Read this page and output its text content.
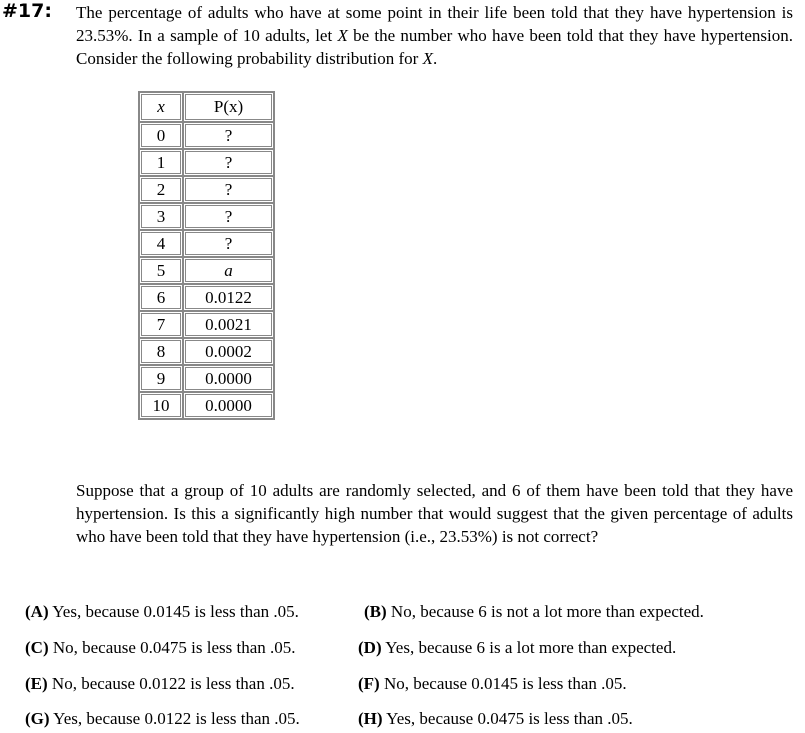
#17: The percentage of adults who have at some point in their life been told that they have hypertension is 23.53%. In a sample of 10 adults, let X be the number who have been told that they have hypertension. Consider the following probability distribution for X.
x	P(x)
0	?
1	?
2	?
3	?
4	?
5	a
6	0.0122
7	0.0021
8	0.0002
9	0.0000
10	0.0000
Suppose that a group of 10 adults are randomly selected, and 6 of them have been told that they have hypertension. Is this a significantly high number that would suggest that the given percentage of adults who have been told that they have hypertension (i.e., 23.53%) is not correct?
(A) Yes, because 0.0145 is less than .05.	(B) No, because 6 is not a lot more than expected.
(C) No, because 0.0475 is less than .05.	(D) Yes, because 6 is a lot more than expected.
(E) No, because 0.0122 is less than .05.	(F) No, because 0.0145 is less than .05.
(G) Yes, because 0.0122 is less than .05.	(H) Yes, because 0.0475 is less than .05.
